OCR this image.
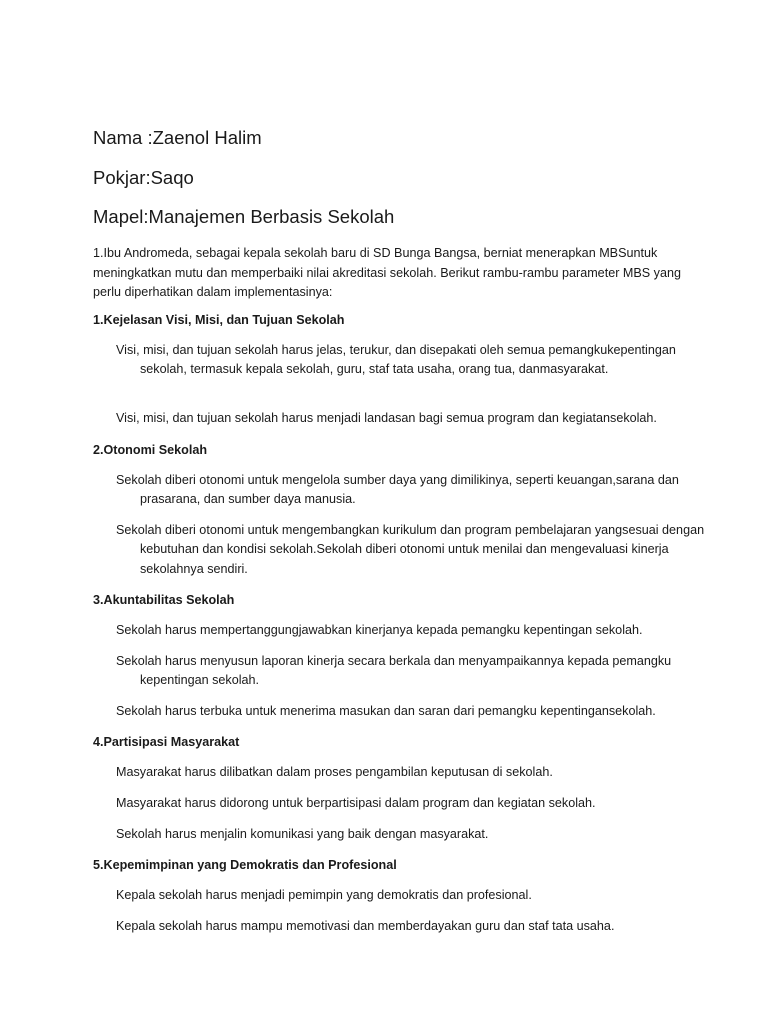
Nama :Zaenol Halim

Pokjar:Saqo

Mapel:Manajemen Berbasis Sekolah

1.Ibu Andromeda, sebagai kepala sekolah baru di SD Bunga Bangsa, berniat menerapkan MBSuntuk meningkatkan mutu dan memperbaiki nilai akreditasi sekolah. Berikut rambu-rambu parameter MBS yang perlu diperhatikan dalam implementasinya:

1.Kejelasan Visi, Misi, dan Tujuan Sekolah

Visi, misi, dan tujuan sekolah harus jelas, terukur, dan disepakati oleh semua pemangkukepentingan sekolah, termasuk kepala sekolah, guru, staf tata usaha, orang tua, danmasyarakat.

Visi, misi, dan tujuan sekolah harus menjadi landasan bagi semua program dan kegiatansekolah.

2.Otonomi Sekolah

Sekolah diberi otonomi untuk mengelola sumber daya yang dimilikinya, seperti keuangan,sarana dan prasarana, dan sumber daya manusia.

Sekolah diberi otonomi untuk mengembangkan kurikulum dan program pembelajaran yangsesuai dengan kebutuhan dan kondisi sekolah.Sekolah diberi otonomi untuk menilai dan mengevaluasi kinerja sekolahnya sendiri.

3.Akuntabilitas Sekolah

Sekolah harus mempertanggungjawabkan kinerjanya kepada pemangku kepentingan sekolah.

Sekolah harus menyusun laporan kinerja secara berkala dan menyampaikannya kepada pemangku kepentingan sekolah.

Sekolah harus terbuka untuk menerima masukan dan saran dari pemangku kepentingansekolah.

4.Partisipasi Masyarakat

Masyarakat harus dilibatkan dalam proses pengambilan keputusan di sekolah.

Masyarakat harus didorong untuk berpartisipasi dalam program dan kegiatan sekolah.

Sekolah harus menjalin komunikasi yang baik dengan masyarakat.

5.Kepemimpinan yang Demokratis dan Profesional

Kepala sekolah harus menjadi pemimpin yang demokratis dan profesional.

Kepala sekolah harus mampu memotivasi dan memberdayakan guru dan staf tata usaha.
